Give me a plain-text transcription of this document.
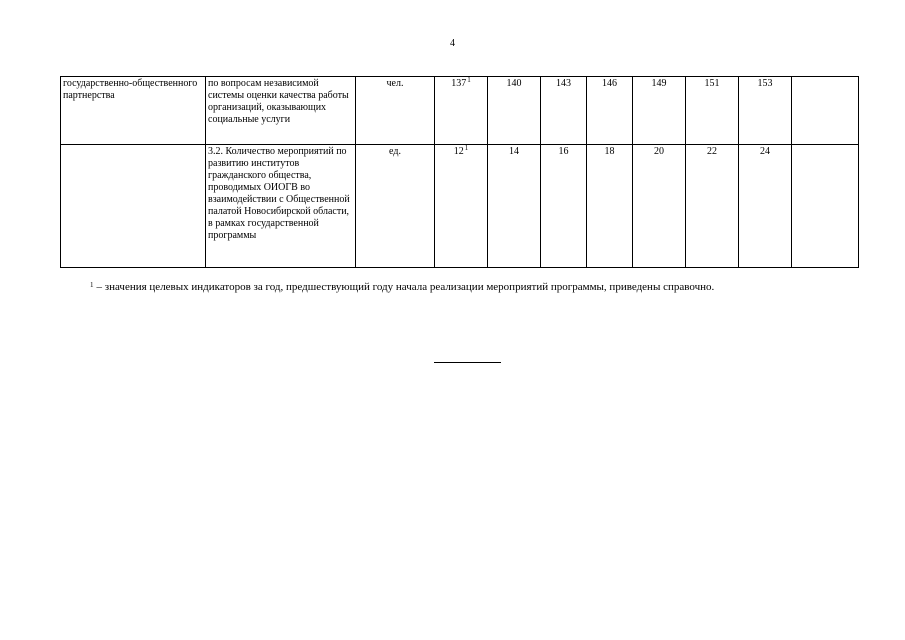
4
государственно-общественного партнерства	по вопросам независимой системы оценки качества работы организаций, оказывающих социальные услуги	чел.	$137^1$	140	143	146	149	151	153	
	3.2. Количество мероприятий по развитию институтов гражданского общества, проводимых ОИОГВ во взаимодействии с Общественной палатой Новосибирской области, в рамках государственной программы	ед.	$12^1$	14	16	18	20	22	24	
$^1$ – значения целевых индикаторов за год, предшествующий году начала реализации мероприятий программы, приведены справочно.
